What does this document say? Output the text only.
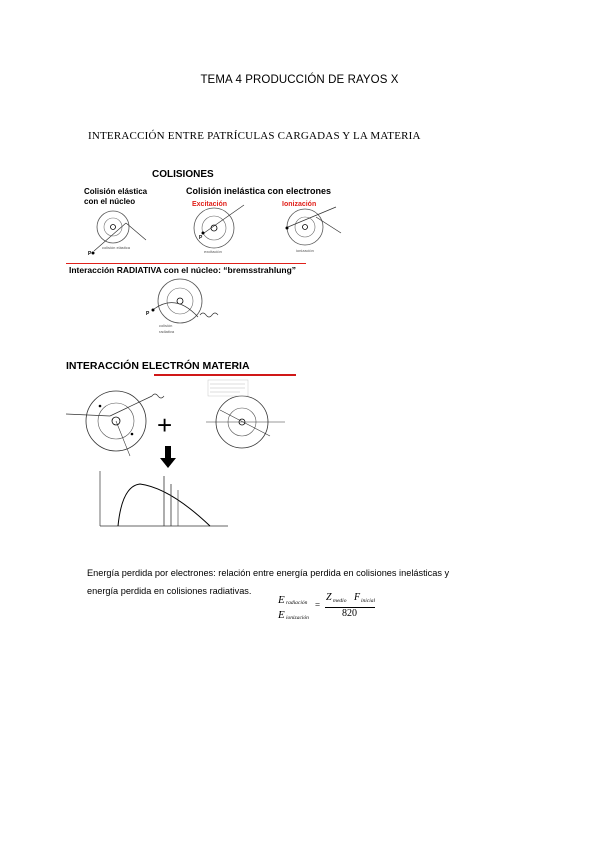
TEMA 4 PRODUCCIÓN DE RAYOS X
INTERACCIÓN ENTRE PATRÍCULAS CARGADAS Y LA MATERIA
COLISIONES
Colisión elástica con el núcleo
Colisión inelástica con electrones
Excitación	Ionización
P
colisión elástica
P
excitación	ionización
P
colisión
radiativa
Interacción RADIATIVA con el núcleo: “bremsstrahlung”
INTERACCIÓN ELECTRÓN MATERIA
+
Energía perdida por electrones: relación entre energía perdida en colisiones inelásticas y
energía perdida en colisiones radiativas.
E radiación
E ionización
=
Z medio F inicial
820
